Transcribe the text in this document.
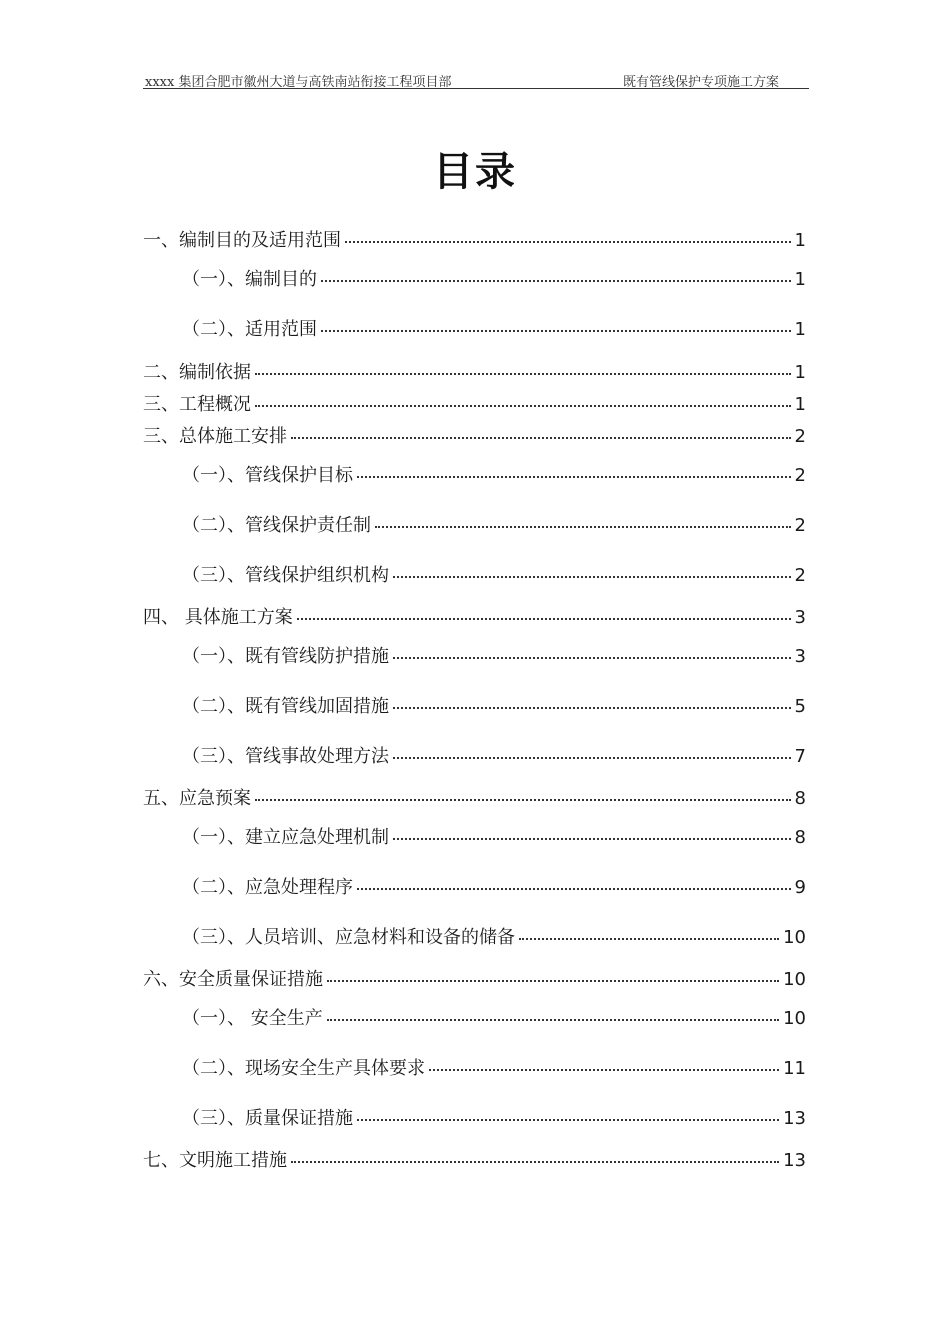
xxxx 集团合肥市徽州大道与高铁南站衔接工程项目部	既有管线保护专项施工方案
目录
一、编制目的及适用范围	1
（一）、编制目的	1
（二）、适用范围	1
二、编制依据	1
三、工程概况	1
三、总体施工安排	2
（一）、管线保护目标	2
（二）、管线保护责任制	2
（三）、管线保护组织机构	2
四、 具体施工方案	3
（一）、既有管线防护措施	3
（二）、既有管线加固措施	5
（三）、管线事故处理方法	7
五、应急预案	8
（一）、建立应急处理机制	8
（二）、应急处理程序	9
（三）、人员培训、应急材料和设备的储备	10
六、安全质量保证措施	10
（一）、 安全生产	10
（二）、现场安全生产具体要求	11
（三）、质量保证措施	13
七、文明施工措施	13
